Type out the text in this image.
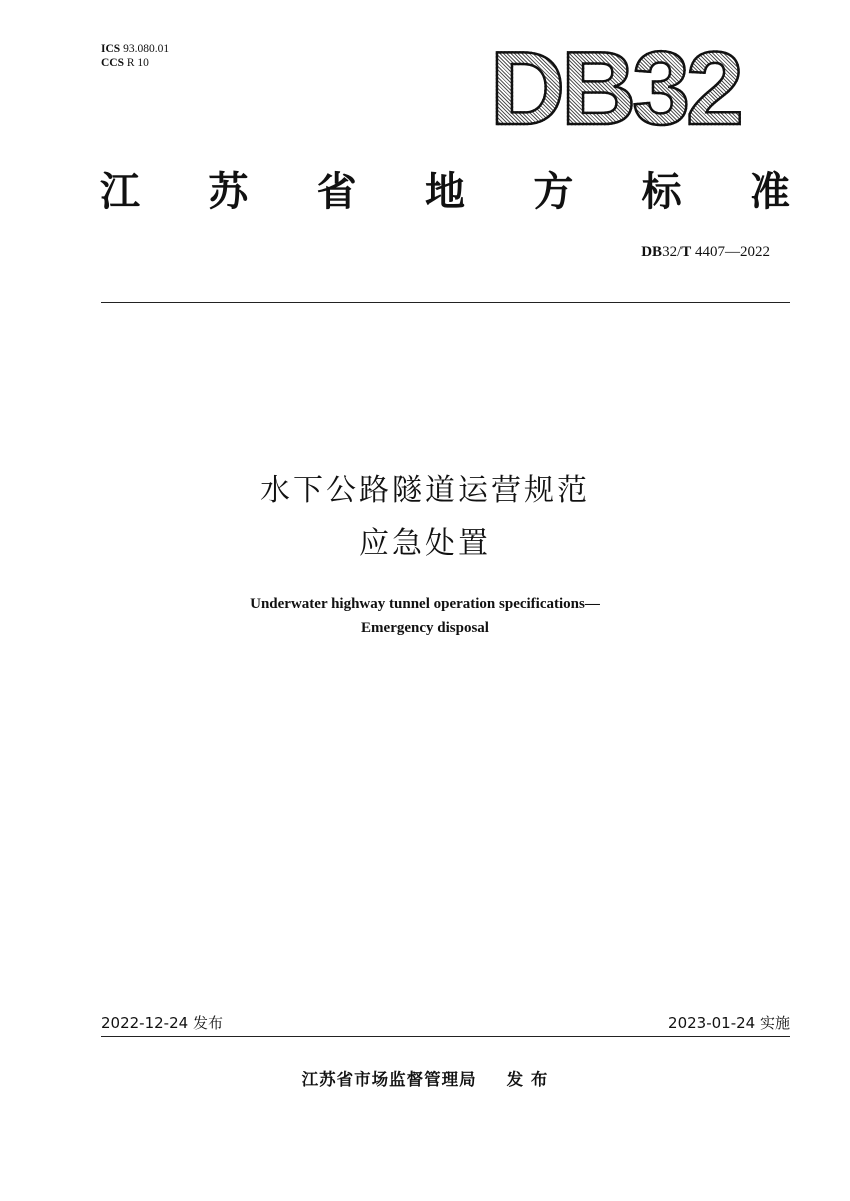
ICS 93.080.01
CCS R 10	DB32
江 苏 省 地 方 标 准
DB32/T 4407—2022
水下公路隧道运营规范
应急处置
Underwater highway tunnel operation specifications—
Emergency disposal
2022-12-24 发布	2023-01-24 实施
江苏省市场监督管理局 发 布
